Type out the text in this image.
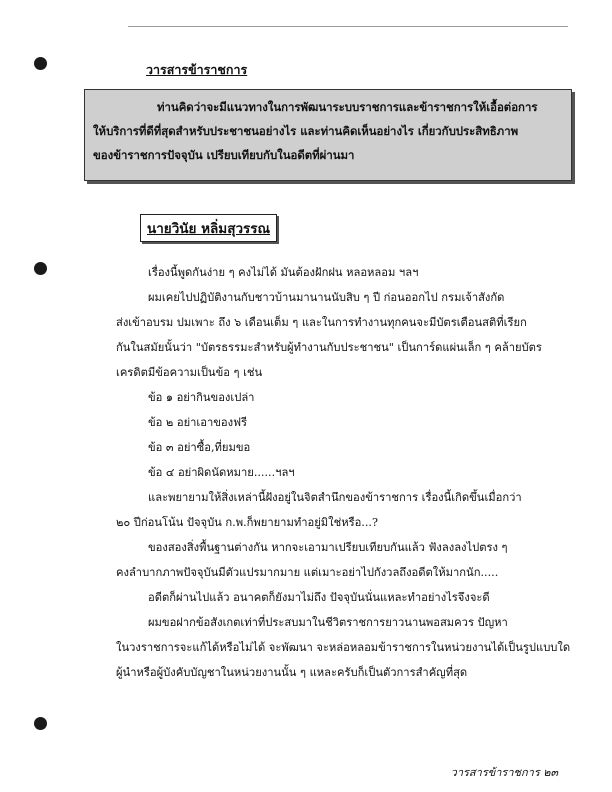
วารสารข้าราชการ
ท่านคิดว่าจะมีแนวทางในการพัฒนาระบบราชการและข้าราชการให้เอื้อต่อการ
ให้บริการที่ดีที่สุดสำหรับประชาชนอย่างไร และท่านคิดเห็นอย่างไร เกี่ยวกับประสิทธิภาพ
ของข้าราชการปัจจุบัน เปรียบเทียบกับในอดีตที่ผ่านมา
นายวินัย หลิ่มสุวรรณ

เรื่องนี้พูดกันง่าย ๆ คงไม่ได้ มันต้องฝักฝน หลอหลอม ฯลฯ

ผมเคยไปปฏิบัติงานกับชาวบ้านมานานนับสิบ ๆ ปี ก่อนออกไป กรมเจ้าสังกัด

ส่งเข้าอบรม ปมเพาะ ถึง ๖ เดือนเต็ม ๆ และในการทำงานทุกคนจะมีบัตรเตือนสติที่เรียก

กันในสมัยนั้นว่า "บัตรธรรมะสำหรับผู้ทำงานกับประชาชน" เป็นการ์ดแผ่นเล็ก ๆ คล้ายบัตร

เครดิตมีข้อความเป็นข้อ ๆ เช่น

ข้อ ๑ อย่ากินของเปล่า

ข้อ ๒ อย่าเอาของฟรี

ข้อ ๓ อย่าซื้อ,ที่ยมขอ

ข้อ ๔ อย่าผิดนัดหมาย......ฯลฯ

และพยายามให้สิ่งเหล่านี้ฝังอยู่ในจิตสำนึกของข้าราชการ เรื่องนี้เกิดขึ้นเมื่อกว่า

๒๐ ปีก่อนโน้น ปัจจุบัน ก.พ.ก็พยายามทำอยู่มิใช่หรือ...?

ของสองสิ่งพื้นฐานต่างกัน หากจะเอามาเปรียบเทียบกันแล้ว ฟังลงลงไปตรง ๆ

คงลำบากภาพปัจจุบันมีตัวแปรมากมาย แต่เมาะอย่าไปกังวลถึงอดีตให้มากนัก.....

อดีตก็ผ่านไปแล้ว อนาคตก็ยังมาไม่ถึง ปัจจุบันนั่นแหละทำอย่างไรจึงจะดี

ผมขอฝากข้อสังเกตเท่าที่ประสบมาในชีวิตราชการยาวนานพอสมควร ปัญหา

ในวงราชการจะแก้ได้หรือไม่ได้ จะพัฒนา จะหล่อหลอมข้าราชการในหน่วยงานได้เป็นรูปแบบใด

ผู้นำหรือผู้บังคับบัญชาในหน่วยงานนั้น ๆ แหละครับก็เป็นตัวการสำคัญที่สุด

วารสารข้าราชการ ๒๓
